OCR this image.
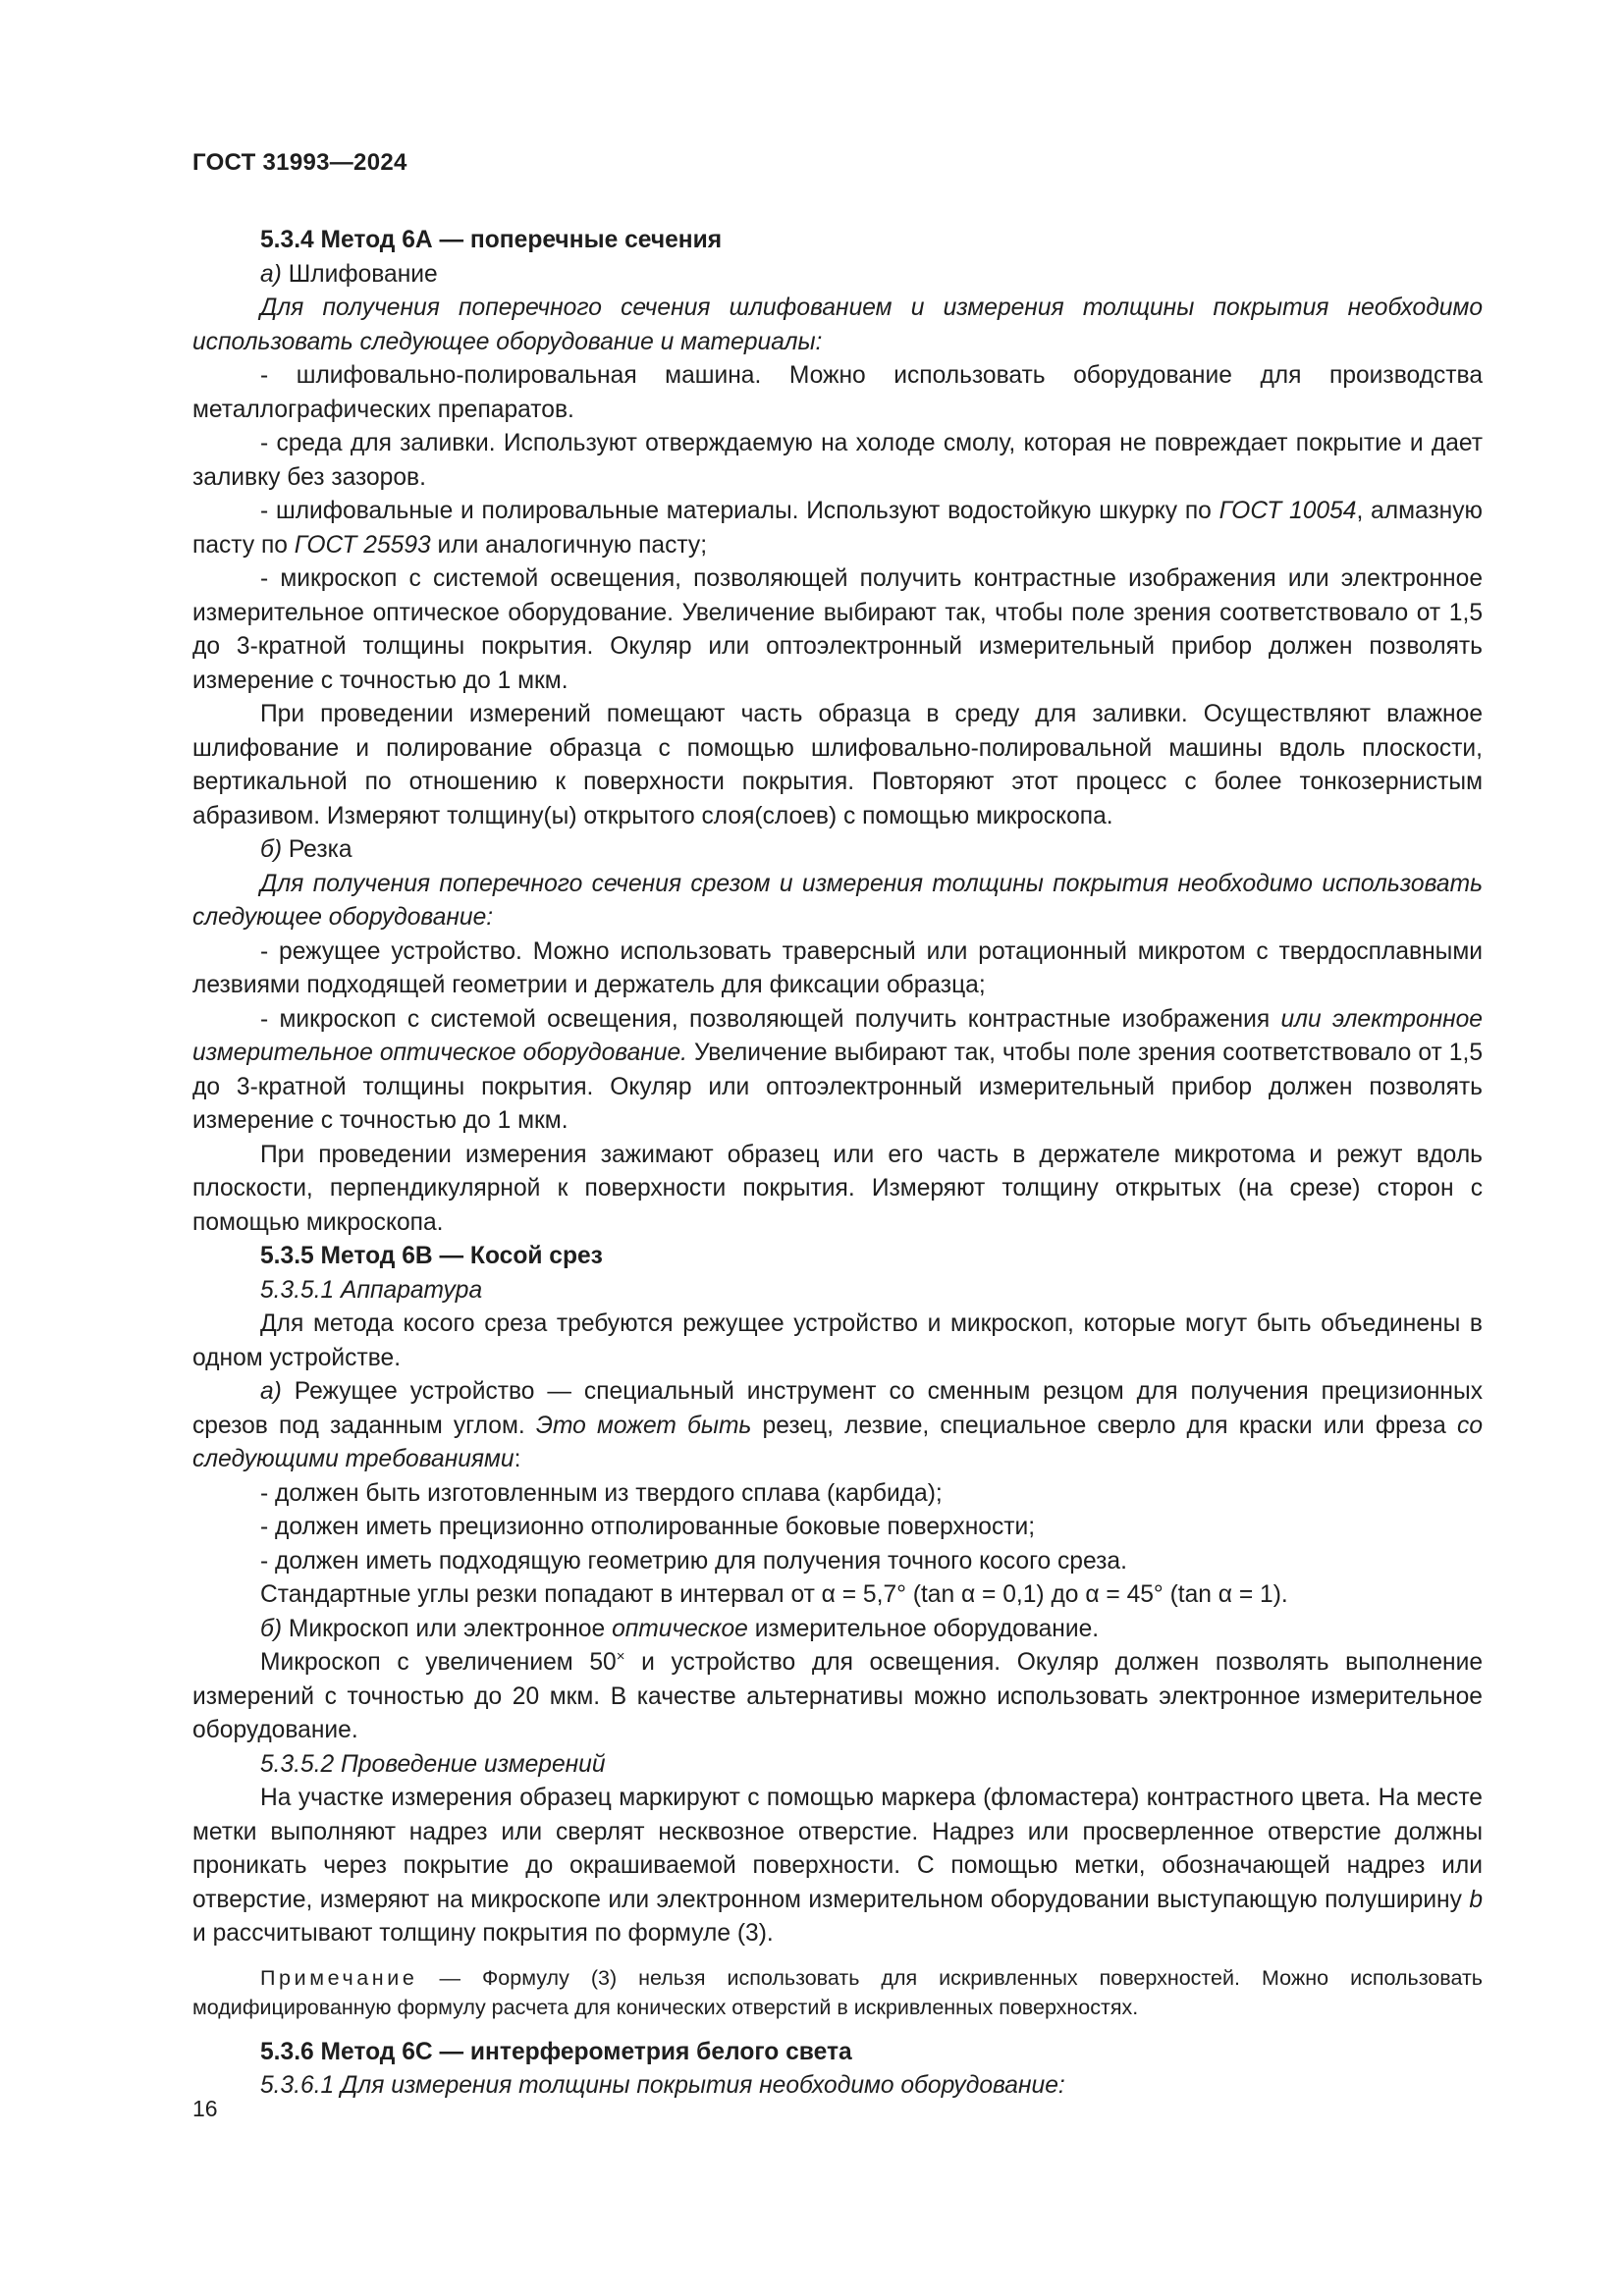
ГОСТ 31993—2024

5.3.4 Метод 6А — поперечные сечения

а) Шлифование

Для получения поперечного сечения шлифованием и измерения толщины покрытия необходимо использовать следующее оборудование и материалы:

- шлифовально-полировальная машина. Можно использовать оборудование для производства металлографических препаратов.

- среда для заливки. Используют отверждаемую на холоде смолу, которая не повреждает покрытие и дает заливку без зазоров.

- шлифовальные и полировальные материалы. Используют водостойкую шкурку по ГОСТ 10054, алмазную пасту по ГОСТ 25593 или аналогичную пасту;

- микроскоп с системой освещения, позволяющей получить контрастные изображения или электронное измерительное оптическое оборудование. Увеличение выбирают так, чтобы поле зрения соответствовало от 1,5 до 3-кратной толщины покрытия. Окуляр или оптоэлектронный измерительный прибор должен позволять измерение с точностью до 1 мкм.

При проведении измерений помещают часть образца в среду для заливки. Осуществляют влажное шлифование и полирование образца с помощью шлифовально-полировальной машины вдоль плоскости, вертикальной по отношению к поверхности покрытия. Повторяют этот процесс с более тонкозернистым абразивом. Измеряют толщину(ы) открытого слоя(слоев) с помощью микроскопа.

б) Резка

Для получения поперечного сечения срезом и измерения толщины покрытия необходимо использовать следующее оборудование:

- режущее устройство. Можно использовать траверсный или ротационный микротом с твердосплавными лезвиями подходящей геометрии и держатель для фиксации образца;

- микроскоп с системой освещения, позволяющей получить контрастные изображения или электронное измерительное оптическое оборудование. Увеличение выбирают так, чтобы поле зрения соответствовало от 1,5 до 3-кратной толщины покрытия. Окуляр или оптоэлектронный измерительный прибор должен позволять измерение с точностью до 1 мкм.

При проведении измерения зажимают образец или его часть в держателе микротома и режут вдоль плоскости, перпендикулярной к поверхности покрытия. Измеряют толщину открытых (на срезе) сторон с помощью микроскопа.

5.3.5 Метод 6В — Косой срез

5.3.5.1 Аппаратура

Для метода косого среза требуются режущее устройство и микроскоп, которые могут быть объединены в одном устройстве.

а) Режущее устройство — специальный инструмент со сменным резцом для получения прецизионных срезов под заданным углом. Это может быть резец, лезвие, специальное сверло для краски или фреза со следующими требованиями:

- должен быть изготовленным из твердого сплава (карбида);

- должен иметь прецизионно отполированные боковые поверхности;

- должен иметь подходящую геометрию для получения точного косого среза.

Стандартные углы резки попадают в интервал от α = 5,7° (tan α = 0,1) до α = 45° (tan α = 1).

б) Микроскоп или электронное оптическое измерительное оборудование.

Микроскоп с увеличением 50× и устройство для освещения. Окуляр должен позволять выполнение измерений с точностью до 20 мкм. В качестве альтернативы можно использовать электронное измерительное оборудование.

5.3.5.2 Проведение измерений

На участке измерения образец маркируют с помощью маркера (фломастера) контрастного цвета. На месте метки выполняют надрез или сверлят несквозное отверстие. Надрез или просверленное отверстие должны проникать через покрытие до окрашиваемой поверхности. С помощью метки, обозначающей надрез или отверстие, измеряют на микроскопе или электронном измерительном оборудовании выступающую полуширину b и рассчитывают толщину покрытия по формуле (3).

Примечание — Формулу (3) нельзя использовать для искривленных поверхностей. Можно использовать модифицированную формулу расчета для конических отверстий в искривленных поверхностях.

5.3.6 Метод 6С — интерферометрия белого света

5.3.6.1 Для измерения толщины покрытия необходимо оборудование:

16
